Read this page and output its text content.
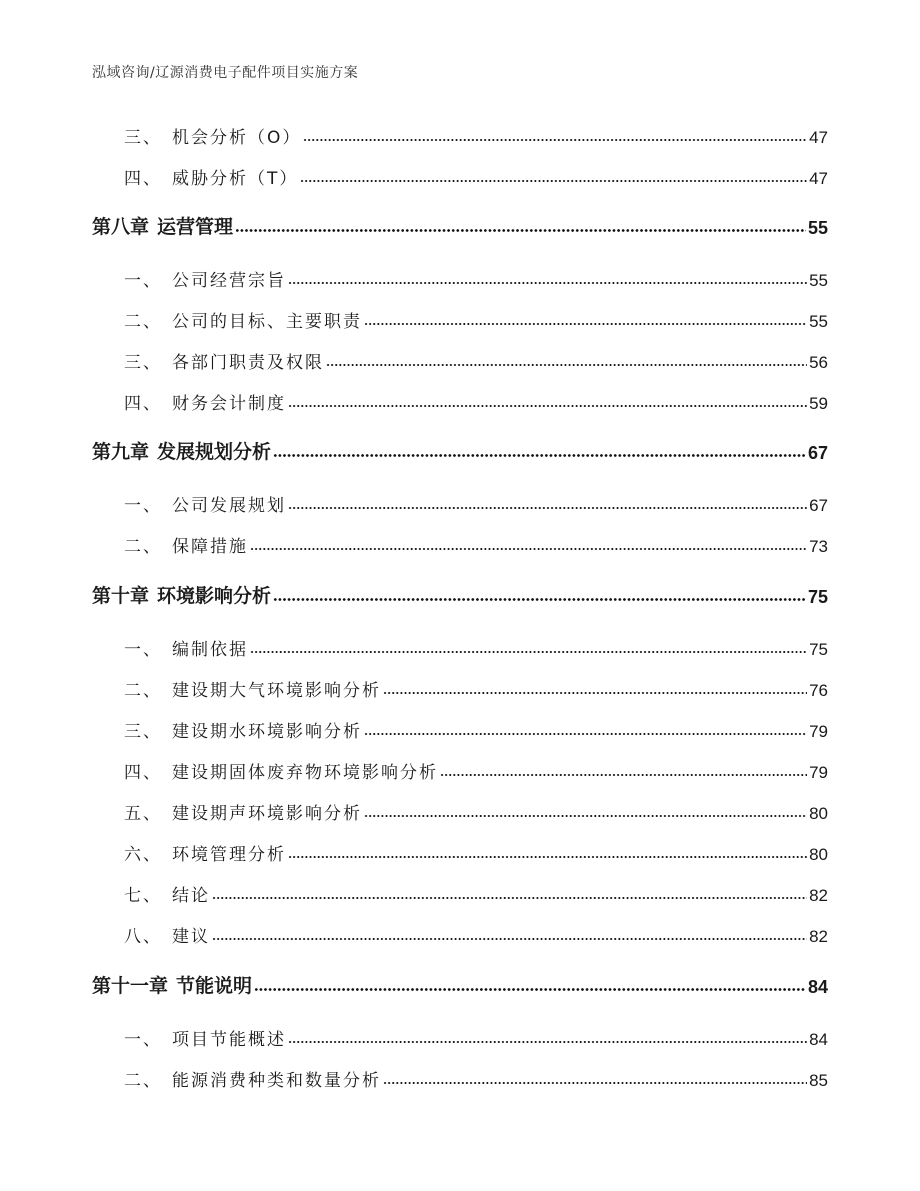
泓域咨询/辽源消费电子配件项目实施方案
三、 机会分析（O）	47
四、 威胁分析（T）	47
第八章 运营管理	55
一、 公司经营宗旨	55
二、 公司的目标、主要职责	55
三、 各部门职责及权限	56
四、 财务会计制度	59
第九章 发展规划分析	67
一、 公司发展规划	67
二、 保障措施	73
第十章 环境影响分析	75
一、 编制依据	75
二、 建设期大气环境影响分析	76
三、 建设期水环境影响分析	79
四、 建设期固体废弃物环境影响分析	79
五、 建设期声环境影响分析	80
六、 环境管理分析	80
七、 结论	82
八、 建议	82
第十一章 节能说明	84
一、 项目节能概述	84
二、 能源消费种类和数量分析	85
